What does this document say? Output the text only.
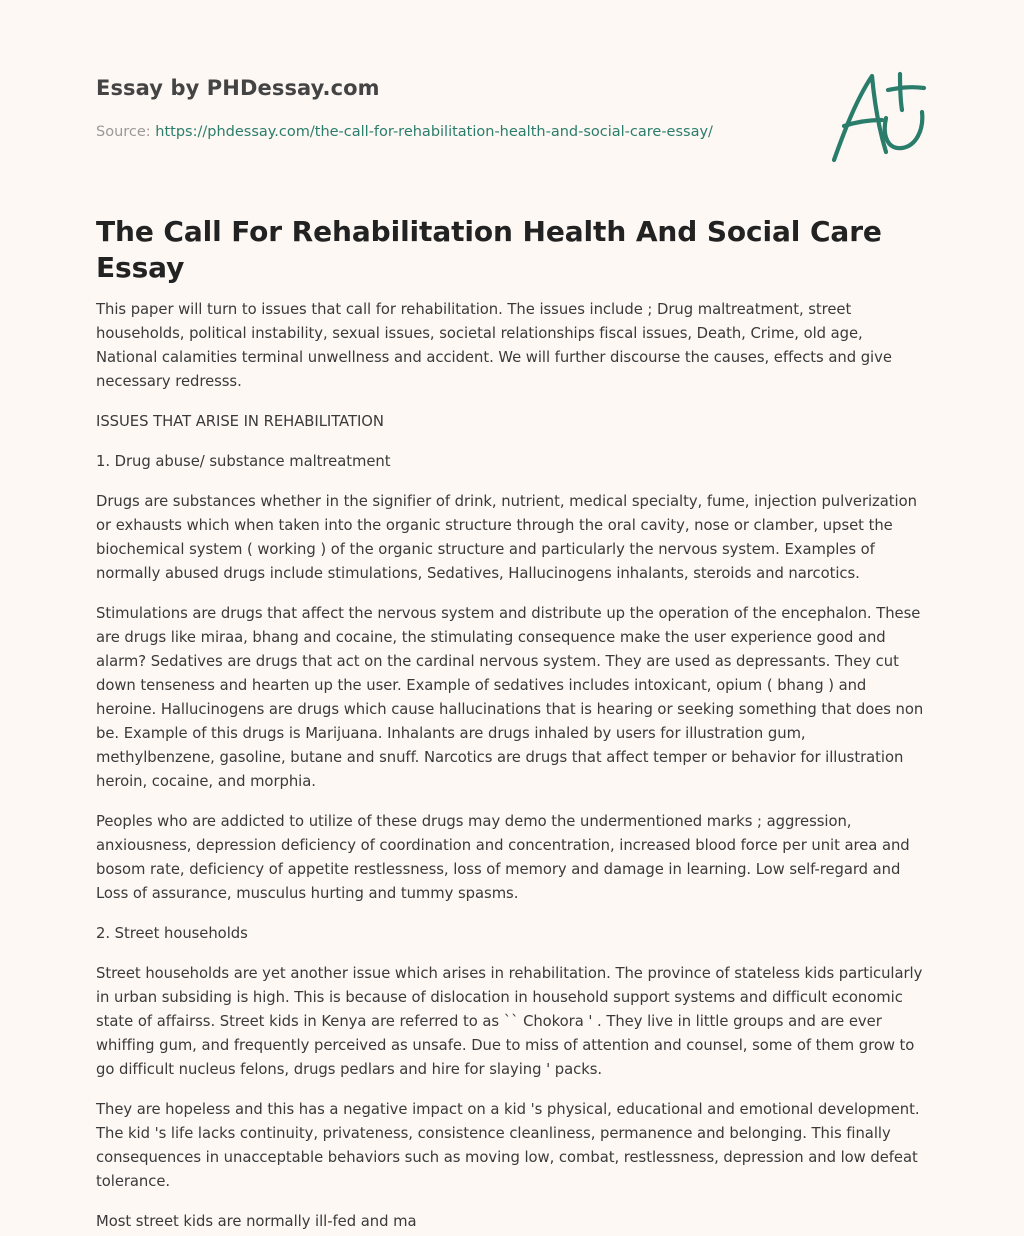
Essay by PHDessay.com
Source: https://phdessay.com/the-call-for-rehabilitation-health-and-social-care-essay/
The Call For Rehabilitation Health And Social Care Essay

This paper will turn to issues that call for rehabilitation. The issues include ; Drug maltreatment, street households, political instability, sexual issues, societal relationships fiscal issues, Death, Crime, old age, National calamities terminal unwellness and accident. We will further discourse the causes, effects and give necessary redresss.

ISSUES THAT ARISE IN REHABILITATION

1. Drug abuse/ substance maltreatment

Drugs are substances whether in the signifier of drink, nutrient, medical specialty, fume, injection pulverization or exhausts which when taken into the organic structure through the oral cavity, nose or clamber, upset the biochemical system ( working ) of the organic structure and particularly the nervous system. Examples of normally abused drugs include stimulations, Sedatives, Hallucinogens inhalants, steroids and narcotics.

Stimulations are drugs that affect the nervous system and distribute up the operation of the encephalon. These are drugs like miraa, bhang and cocaine, the stimulating consequence make the user experience good and alarm? Sedatives are drugs that act on the cardinal nervous system. They are used as depressants. They cut down tenseness and hearten up the user. Example of sedatives includes intoxicant, opium ( bhang ) and heroine. Hallucinogens are drugs which cause hallucinations that is hearing or seeking something that does non be. Example of this drugs is Marijuana. Inhalants are drugs inhaled by users for illustration gum, methylbenzene, gasoline, butane and snuff. Narcotics are drugs that affect temper or behavior for illustration heroin, cocaine, and morphia.

Peoples who are addicted to utilize of these drugs may demo the undermentioned marks ; aggression, anxiousness, depression deficiency of coordination and concentration, increased blood force per unit area and bosom rate, deficiency of appetite restlessness, loss of memory and damage in learning. Low self-regard and Loss of assurance, musculus hurting and tummy spasms.

2. Street households

Street households are yet another issue which arises in rehabilitation. The province of stateless kids particularly in urban subsiding is high. This is because of dislocation in household support systems and difficult economic state of affairss. Street kids in Kenya are referred to as `` Chokora ' . They live in little groups and are ever whiffing gum, and frequently perceived as unsafe. Due to miss of attention and counsel, some of them grow to go difficult nucleus felons, drugs pedlars and hire for slaying ' packs.

They are hopeless and this has a negative impact on a kid 's physical, educational and emotional development. The kid 's life lacks continuity, privateness, consistence cleanliness, permanence and belonging. This finally consequences in unacceptable behaviors such as moving low, combat, restlessness, depression and low defeat tolerance.

Most street kids are normally ill-fed and ma
